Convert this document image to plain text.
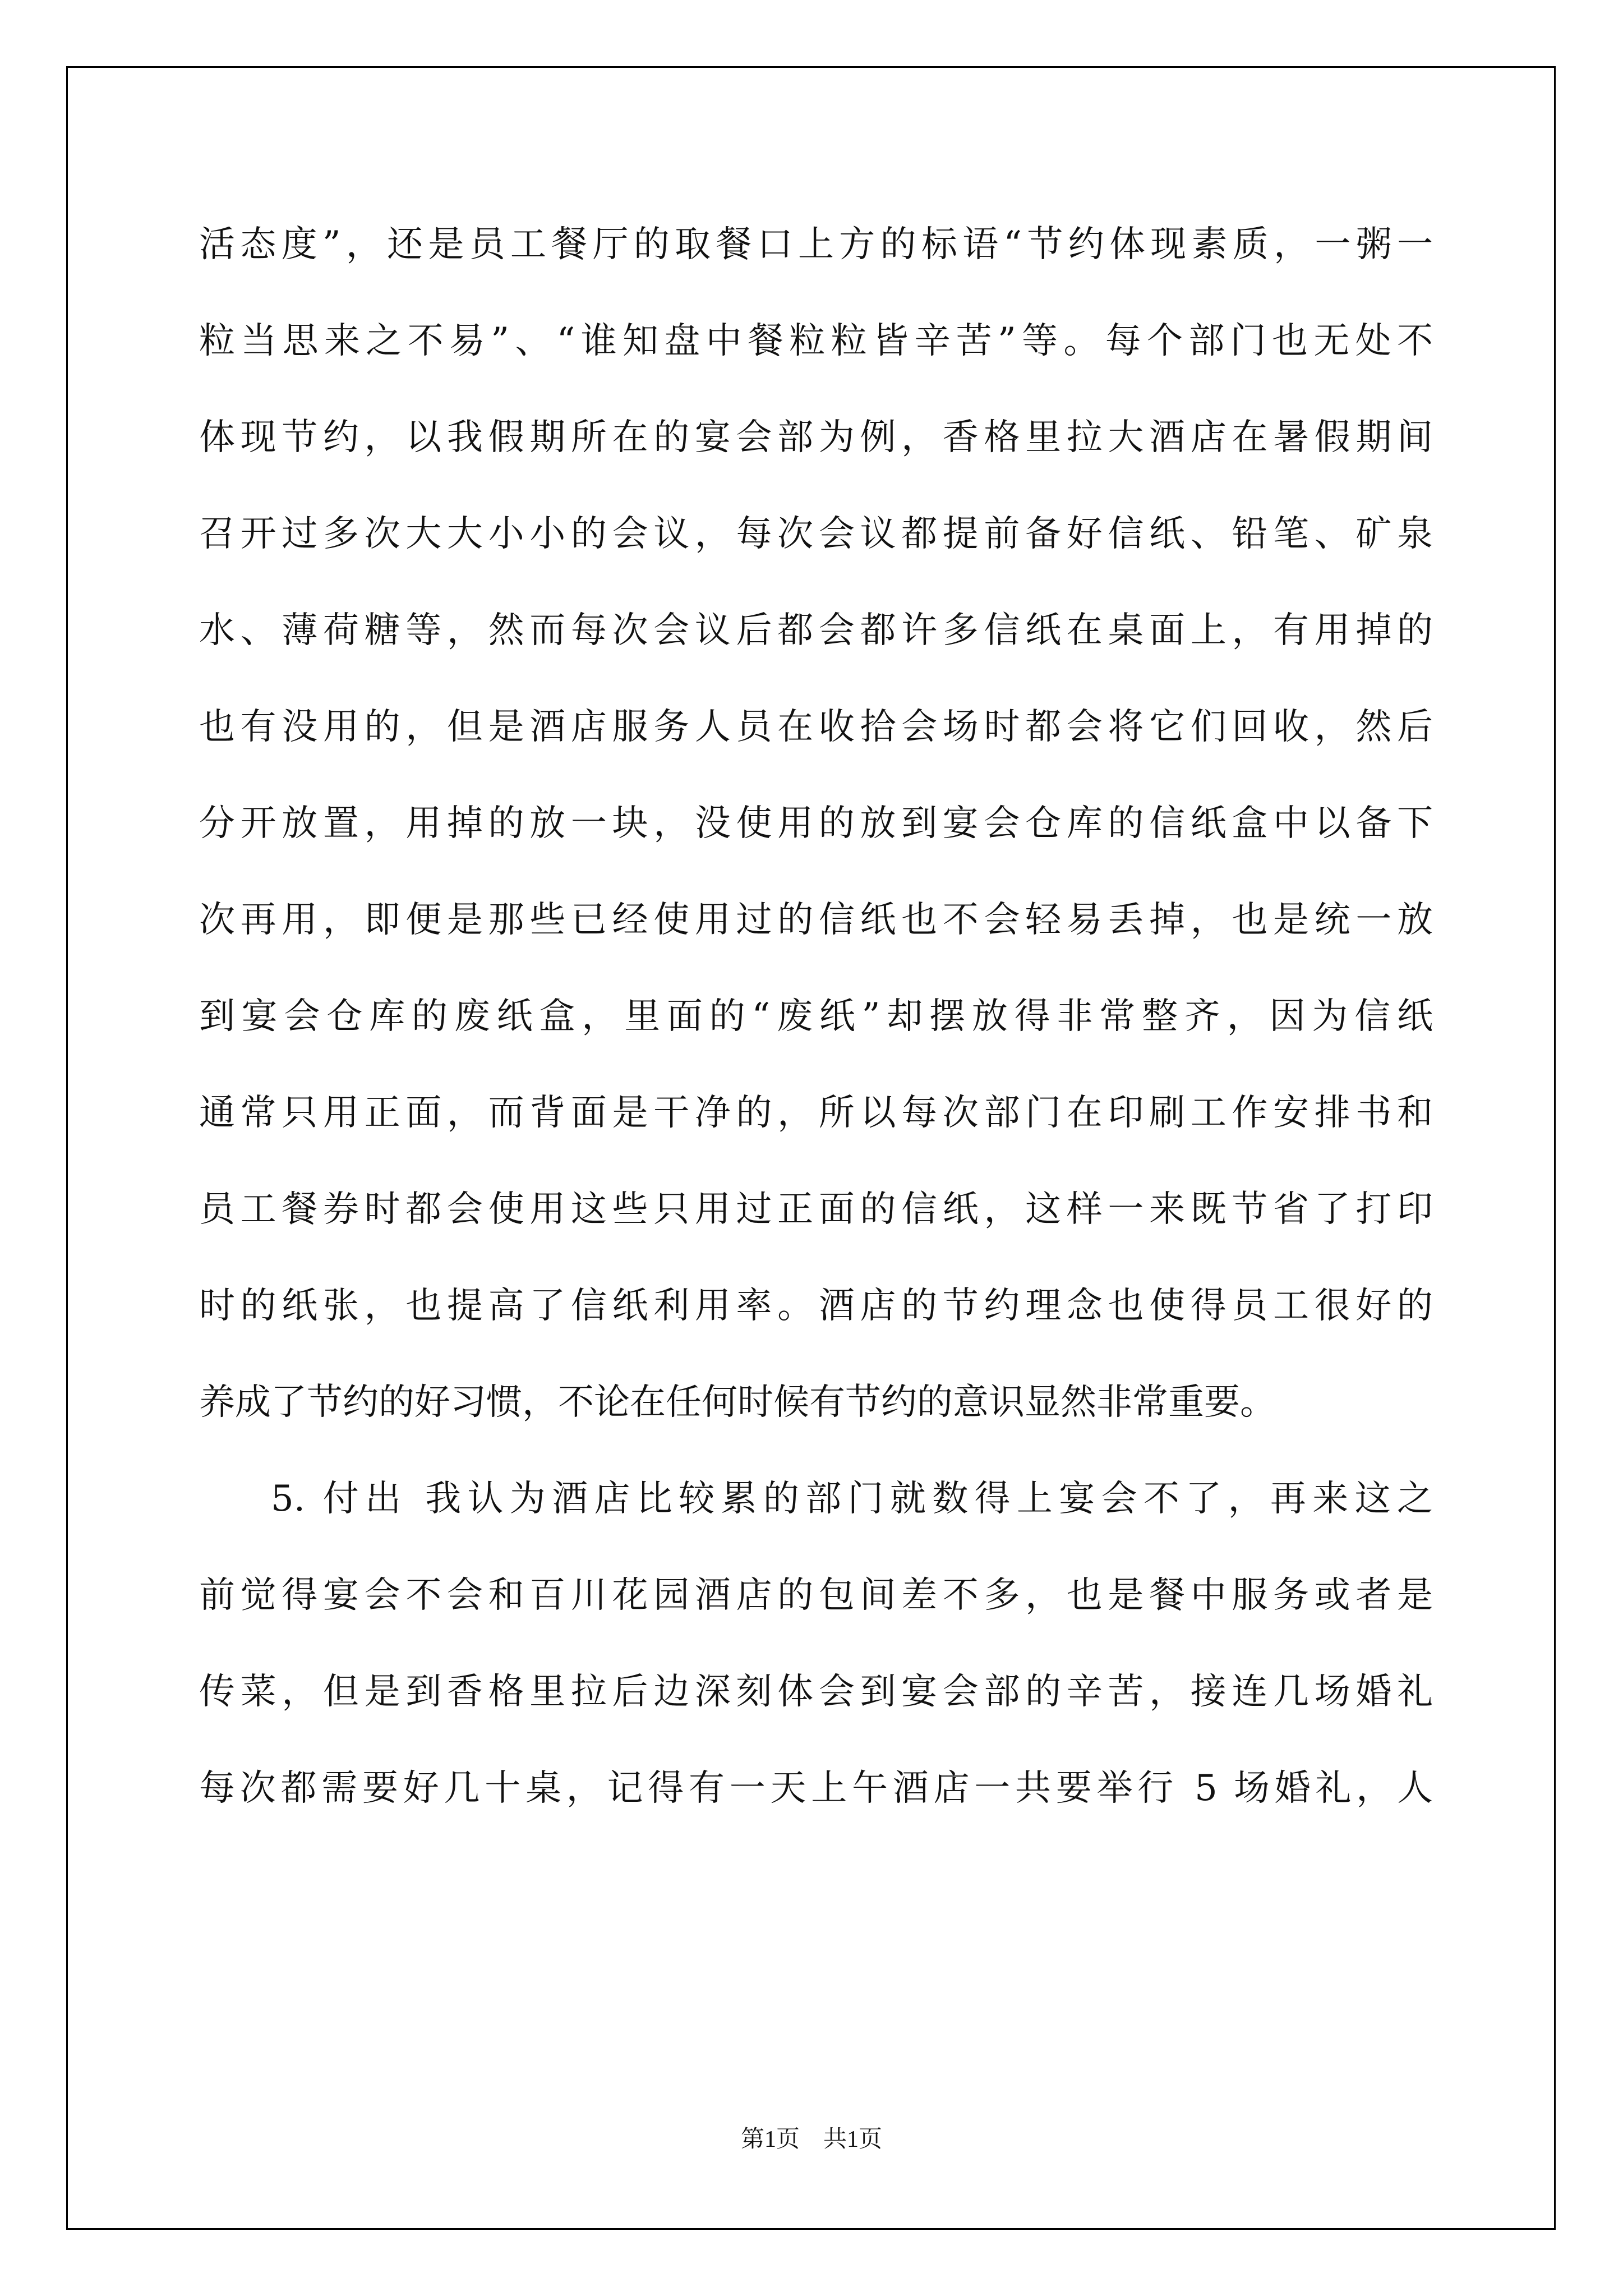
活态度”，还是员工餐厅的取餐口上方的标语“节约体现素质，一粥一
粒当思来之不易”、“谁知盘中餐粒粒皆辛苦”等。每个部门也无处不
体现节约，以我假期所在的宴会部为例，香格里拉大酒店在暑假期间
召开过多次大大小小的会议，每次会议都提前备好信纸、铅笔、矿泉
水、薄荷糖等，然而每次会议后都会都许多信纸在桌面上，有用掉的
也有没用的，但是酒店服务人员在收拾会场时都会将它们回收，然后
分开放置，用掉的放一块，没使用的放到宴会仓库的信纸盒中以备下
次再用，即便是那些已经使用过的信纸也不会轻易丢掉，也是统一放
到宴会仓库的废纸盒，里面的“废纸”却摆放得非常整齐，因为信纸
通常只用正面，而背面是干净的，所以每次部门在印刷工作安排书和
员工餐券时都会使用这些只用过正面的信纸，这样一来既节省了打印
时的纸张，也提高了信纸利用率。酒店的节约理念也使得员工很好的
养成了节约的好习惯，不论在任何时候有节约的意识显然非常重要。
5. 付出 我认为酒店比较累的部门就数得上宴会不了，再来这之
前觉得宴会不会和百川花园酒店的包间差不多，也是餐中服务或者是
传菜，但是到香格里拉后边深刻体会到宴会部的辛苦，接连几场婚礼
每次都需要好几十桌，记得有一天上午酒店一共要举行 5 场婚礼，人
第1页　共1页
